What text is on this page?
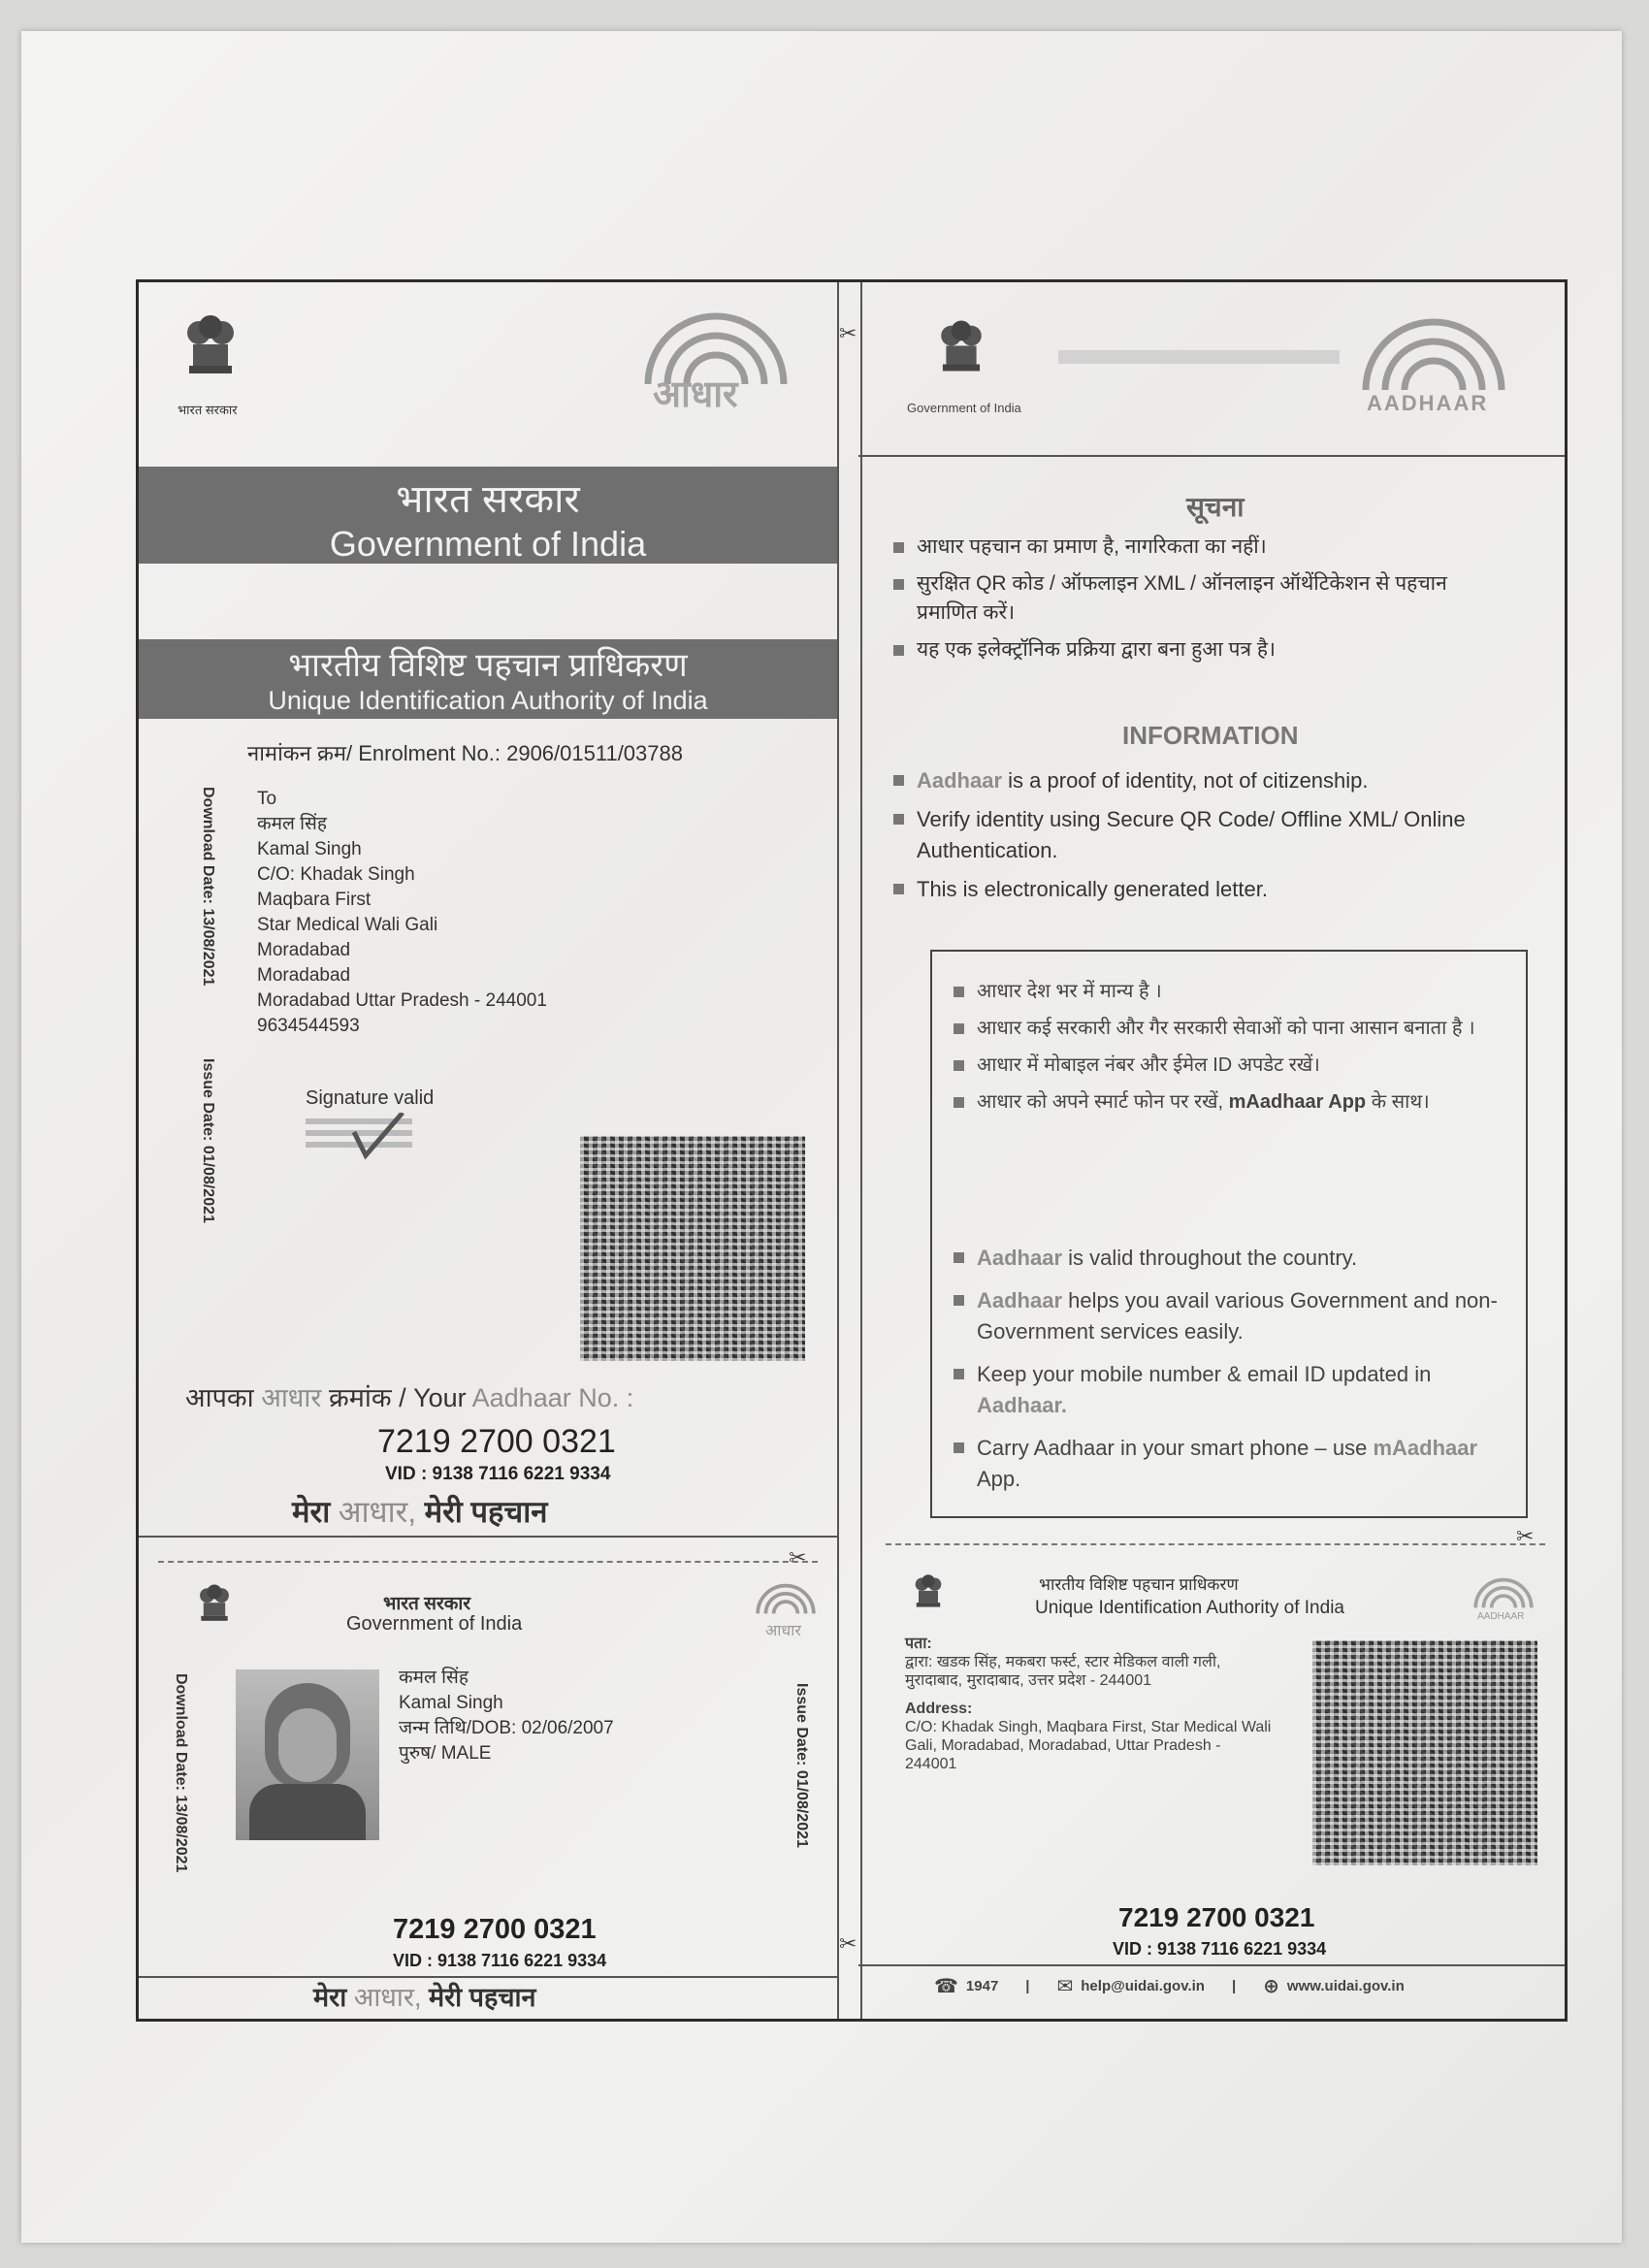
✂
✂
भारत सरकार	आधार
भारत सरकार
Government of India
भारतीय विशिष्ट पहचान प्राधिकरण
Unique Identification Authority of India
नामांकन क्रम/ Enrolment No.: 2906/01511/03788
Download Date: 13/08/2021
Issue Date: 01/08/2021
To
कमल सिंह
Kamal Singh
C/O: Khadak Singh
Maqbara First
Star Medical Wali Gali
Moradabad
Moradabad
Moradabad Uttar Pradesh - 244001
9634544593
Signature valid
आपका आधार क्रमांक / Your Aadhaar No. :
7219 2700 0321
VID : 9138 7116 6221 9334
मेरा आधार, मेरी पहचान
✂
भारत सरकार
Government of India	आधार
Download Date: 13/08/2021	Issue Date: 01/08/2021
कमल सिंह
Kamal Singh
जन्म तिथि/DOB: 02/06/2007
पुरुष/ MALE
7219 2700 0321
VID : 9138 7116 6221 9334
मेरा आधार, मेरी पहचान
Government of India	AADHAAR
सूचना
आधार पहचान का प्रमाण है, नागरिकता का नहीं।
सुरक्षित QR कोड / ऑफलाइन XML / ऑनलाइन ऑथेंटिकेशन से पहचान प्रमाणित करें।
यह एक इलेक्ट्रॉनिक प्रक्रिया द्वारा बना हुआ पत्र है।
INFORMATION
Aadhaar is a proof of identity, not of citizenship.
Verify identity using Secure QR Code/ Offline XML/ Online Authentication.
This is electronically generated letter.
आधार देश भर में मान्य है ।
आधार कई सरकारी और गैर सरकारी सेवाओं को पाना आसान बनाता है ।
आधार में मोबाइल नंबर और ईमेल ID अपडेट रखें।
आधार को अपने स्मार्ट फोन पर रखें, mAadhaar App के साथ।
Aadhaar is valid throughout the country.
Aadhaar helps you avail various Government and non-Government services easily.
Keep your mobile number & email ID updated in Aadhaar.
Carry Aadhaar in your smart phone – use mAadhaar App.
✂
भारतीय विशिष्ट पहचान प्राधिकरण
Unique Identification Authority of India	AADHAAR
पता:
द्वारा: खडक सिंह, मकबरा फर्स्ट, स्टार मेडिकल वाली गली, मुरादाबाद, मुरादाबाद, उत्तर प्रदेश - 244001
Address:
C/O: Khadak Singh, Maqbara First, Star Medical Wali Gali, Moradabad, Moradabad, Uttar Pradesh - 244001
7219 2700 0321
VID : 9138 7116 6221 9334
☎ 1947 | ✉ help@uidai.gov.in | ⊕ www.uidai.gov.in
